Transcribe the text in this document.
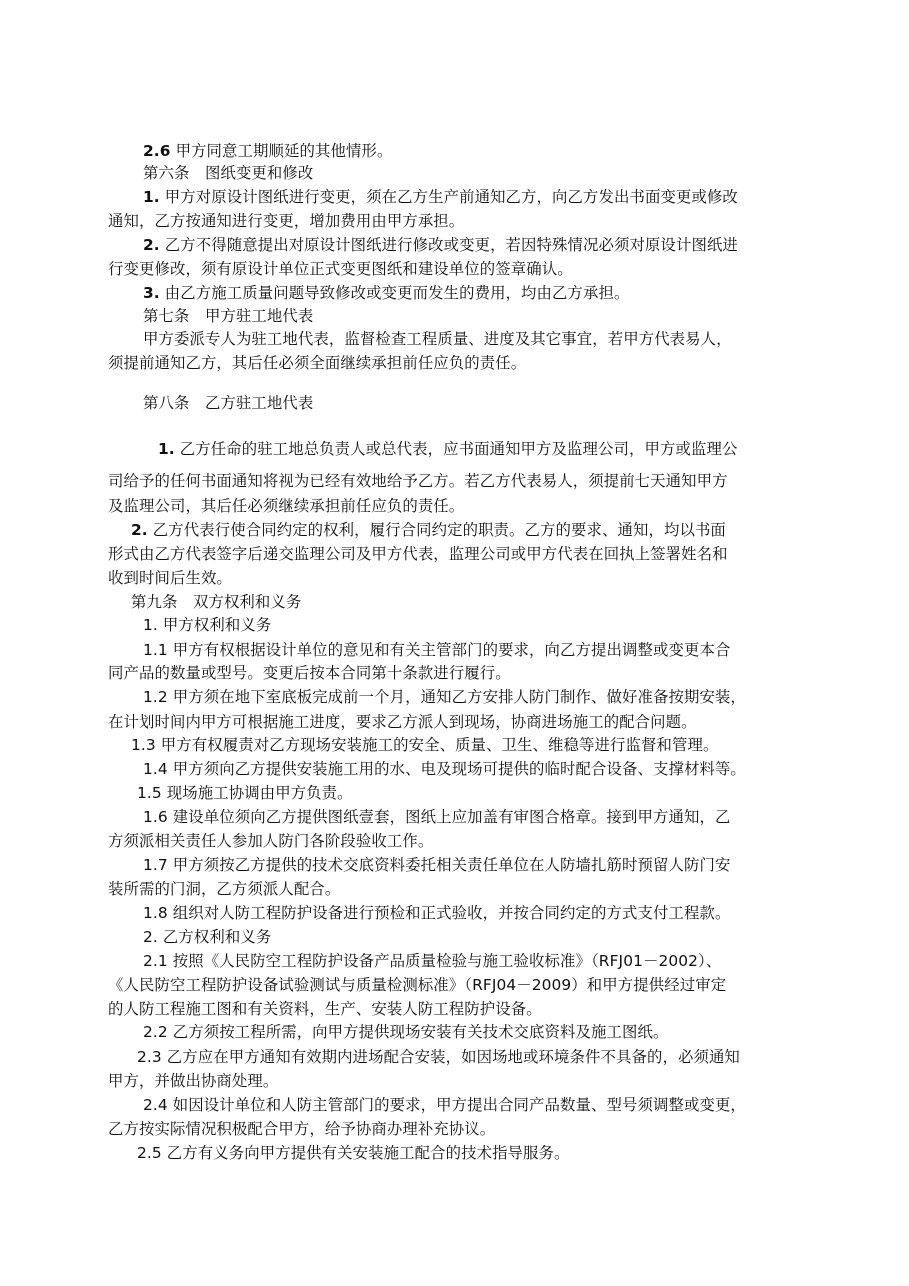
2.6 甲方同意工期顺延的其他情形。
第六条　图纸变更和修改
1. 甲方对原设计图纸进行变更，须在乙方生产前通知乙方，向乙方发出书面变更或修改
通知，乙方按通知进行变更，增加费用由甲方承担。
2. 乙方不得随意提出对原设计图纸进行修改或变更，若因特殊情况必须对原设计图纸进
行变更修改，须有原设计单位正式变更图纸和建设单位的签章确认。
3. 由乙方施工质量问题导致修改或变更而发生的费用，均由乙方承担。
第七条　甲方驻工地代表
甲方委派专人为驻工地代表，监督检查工程质量、进度及其它事宜，若甲方代表易人，
须提前通知乙方，其后任必须全面继续承担前任应负的责任。
第八条　乙方驻工地代表
1. 乙方任命的驻工地总负责人或总代表，应书面通知甲方及监理公司，甲方或监理公
司给予的任何书面通知将视为已经有效地给予乙方。若乙方代表易人，须提前七天通知甲方
及监理公司，其后任必须继续承担前任应负的责任。
2. 乙方代表行使合同约定的权利，履行合同约定的职责。乙方的要求、通知，均以书面
形式由乙方代表签字后递交监理公司及甲方代表，监理公司或甲方代表在回执上签署姓名和
收到时间后生效。
第九条　双方权利和义务
1. 甲方权利和义务
1.1 甲方有权根据设计单位的意见和有关主管部门的要求，向乙方提出调整或变更本合
同产品的数量或型号。变更后按本合同第十条款进行履行。
1.2 甲方须在地下室底板完成前一个月，通知乙方安排人防门制作、做好准备按期安装，
在计划时间内甲方可根据施工进度，要求乙方派人到现场，协商进场施工的配合问题。
1.3 甲方有权履责对乙方现场安装施工的安全、质量、卫生、维稳等进行监督和管理。
1.4 甲方须向乙方提供安装施工用的水、电及现场可提供的临时配合设备、支撑材料等。
1.5 现场施工协调由甲方负责。
1.6 建设单位须向乙方提供图纸壹套，图纸上应加盖有审图合格章。接到甲方通知，乙
方须派相关责任人参加人防门各阶段验收工作。
1.7 甲方须按乙方提供的技术交底资料委托相关责任单位在人防墙扎筋时预留人防门安
装所需的门洞，乙方须派人配合。
1.8 组织对人防工程防护设备进行预检和正式验收，并按合同约定的方式支付工程款。
2. 乙方权利和义务
2.1 按照《人民防空工程防护设备产品质量检验与施工验收标准》（RFJ01－2002）、
《人民防空工程防护设备试验测试与质量检测标准》（RFJ04－2009）和甲方提供经过审定
的人防工程施工图和有关资料，生产、安装人防工程防护设备。
2.2 乙方须按工程所需，向甲方提供现场安装有关技术交底资料及施工图纸。
2.3 乙方应在甲方通知有效期内进场配合安装，如因场地或环境条件不具备的，必须通知
甲方，并做出协商处理。
2.4 如因设计单位和人防主管部门的要求，甲方提出合同产品数量、型号须调整或变更，
乙方按实际情况积极配合甲方，给予协商办理补充协议。
2.5 乙方有义务向甲方提供有关安装施工配合的技术指导服务。
